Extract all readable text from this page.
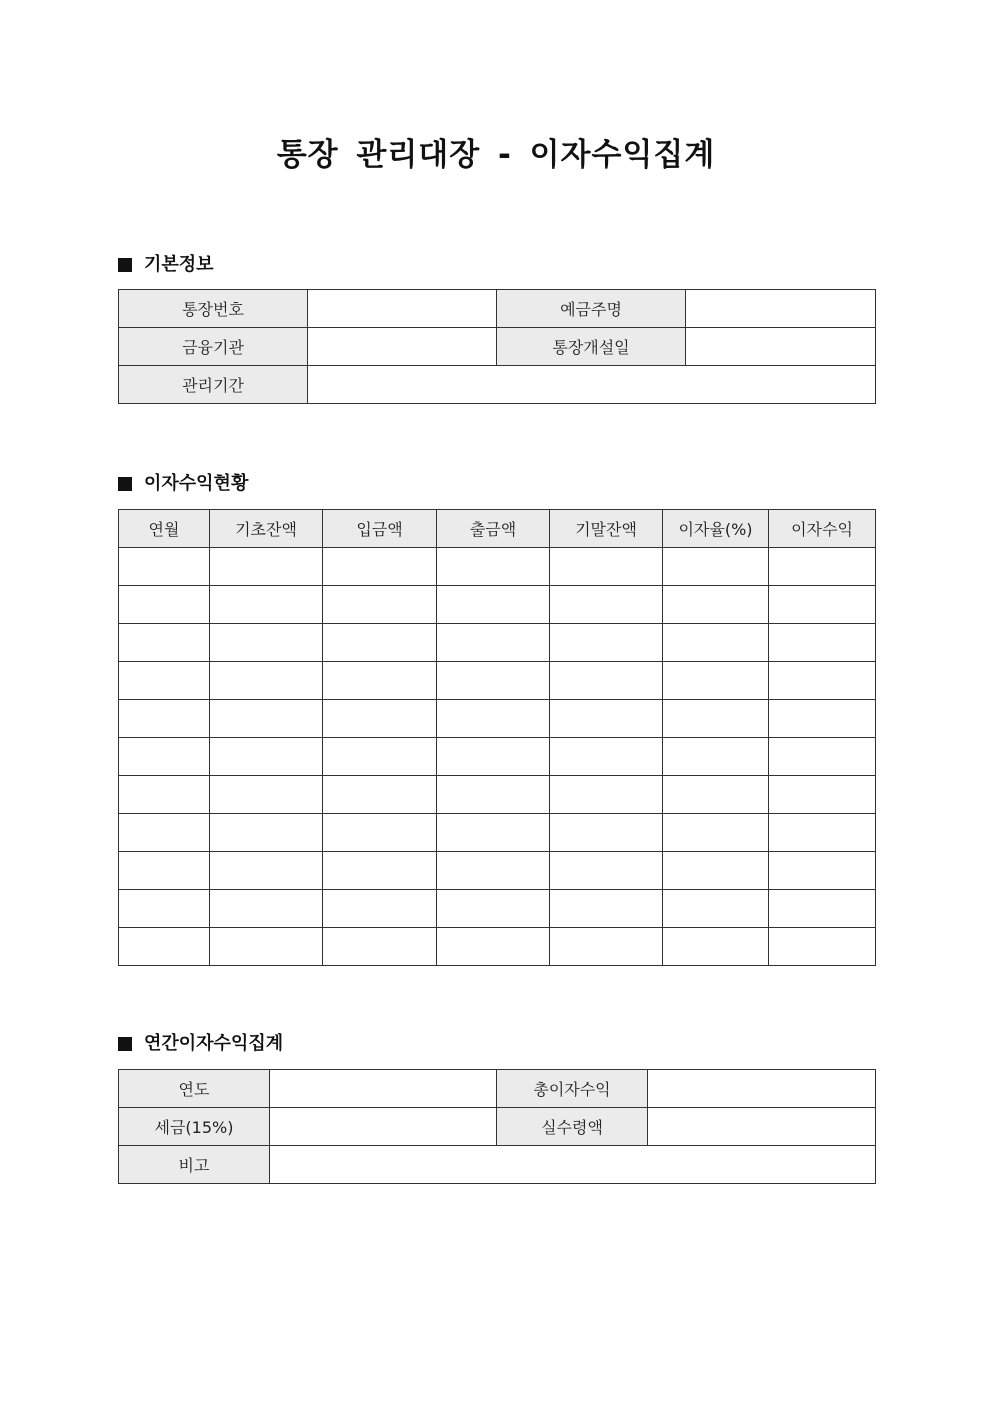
통장 관리대장 - 이자수익집계
기본정보
통장번호		예금주명	
금융기관		통장개설일	
관리기간			
이자수익현황
연월	기초잔액	입금액	출금액	기말잔액	이자율(%)	이자수익

연간이자수익집계
연도		총이자수익	
세금(15%)		실수령액	
비고			
